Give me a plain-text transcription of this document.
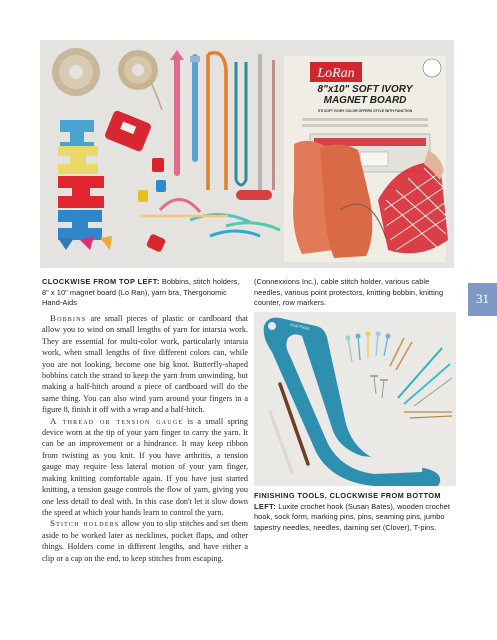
LoRan
8"x10" SOFT IVORY
MAGNET BOARD
ITS SOFT IVORY COLOR OFFERS STYLE WITH FUNCTION
CLOCKWISE FROM TOP LEFT: Bobbins, stitch holders, 8" x 10" magnet board (Lo Ran), yarn bra, Thergonomic Hand-Aids
(Connexxions Inc.), cable stitch holder, various cable needles, various point protectors, knitting bobbin, knitting counter, row markers.	31

Bobbins are small pieces of plastic or cardboard that allow you to wind on small lengths of yarn for intarsia work. They are essential for multi-color work, particularly intarsia work, when small lengths of five different colors can, while you are not looking, become one big knot. Butterfly-shaped bobbins catch the strand to keep the yarn from unwinding, but making a half-hitch around a piece of cardboard will do the same thing. You can also wind yarn around your fingers in a figure 8, finish it off with a wrap and a half-hitch.

A thread or tension gauge is a small spring device worn at the tip of your yarn finger to carry the yarn. It can be an improvement or a hindrance. It may keep ribbon from twisting as you knit. If you have arthritis, a tension gauge may require less lateral motion of your yarn finger, making knitting comfortable again. If you have just started knitting, a tension gauge controls the flow of yarn, giving you one less detail to deal with. In this case don't let it slow down the speed at which your hands learn to control the yarn.

Stitch holders allow you to slip stitches and set them aside to be worked later as necklines, pocket flaps, and other things. Holders come in different lengths, and have either a clip or a cap on the end, to keep stitches from escaping.

Knit Picks
FINISHING TOOLS, CLOCKWISE FROM BOTTOM LEFT: Luxite crochet hook (Susan Bates), wooden crochet hook, sock form, marking pins, pins, seaming pins, jumbo tapestry needles, needles, darning set (Clover), T-pins.
